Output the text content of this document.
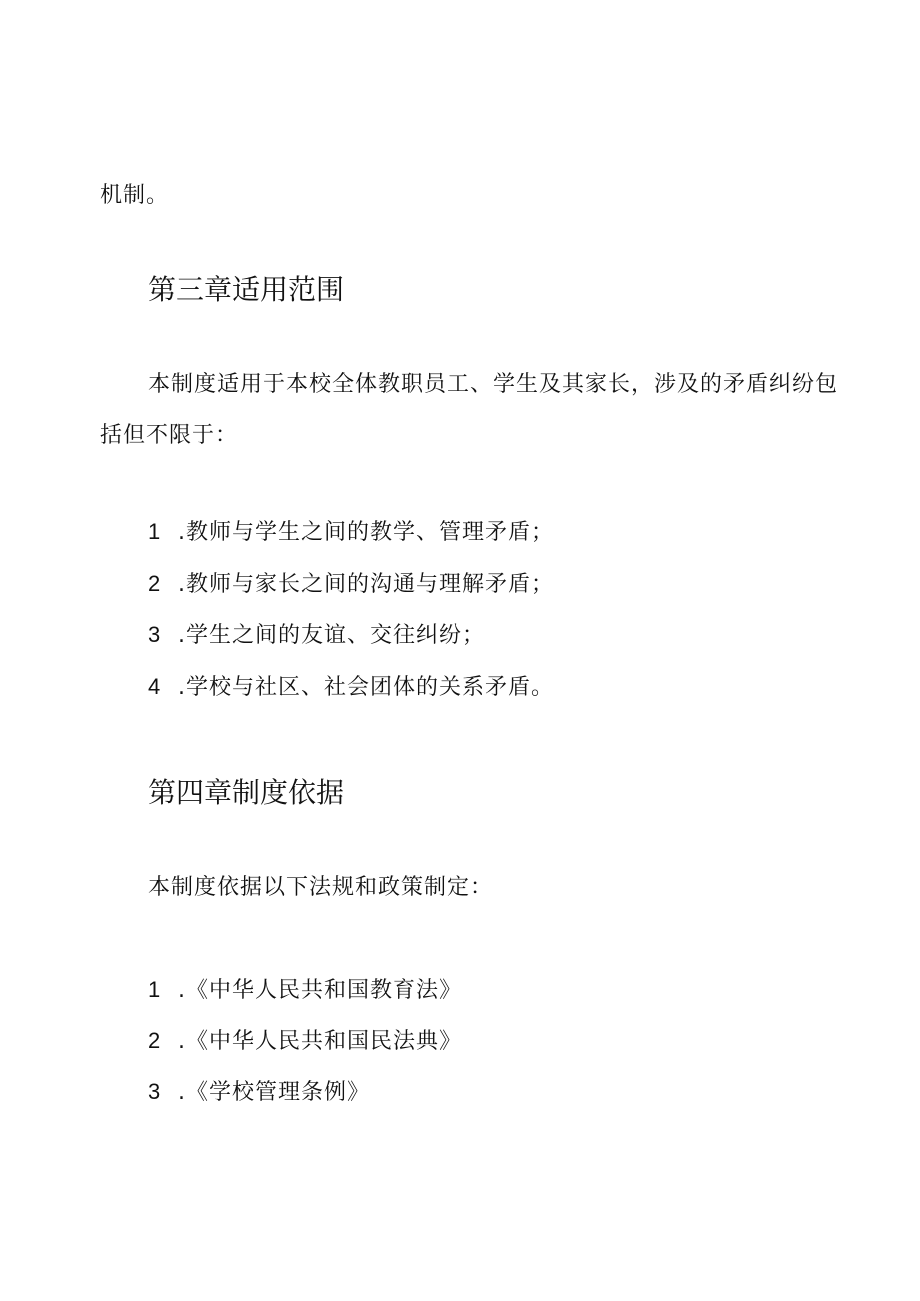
机制。
第三章适用范围
本制度适用于本校全体教职员工、学生及其家长，涉及的矛盾纠纷包
括但不限于：
1 .教师与学生之间的教学、管理矛盾；
2 .教师与家长之间的沟通与理解矛盾；
3 .学生之间的友谊、交往纠纷；
4 .学校与社区、社会团体的关系矛盾。
第四章制度依据
本制度依据以下法规和政策制定：
1 .《中华人民共和国教育法》
2 .《中华人民共和国民法典》
3 .《学校管理条例》
